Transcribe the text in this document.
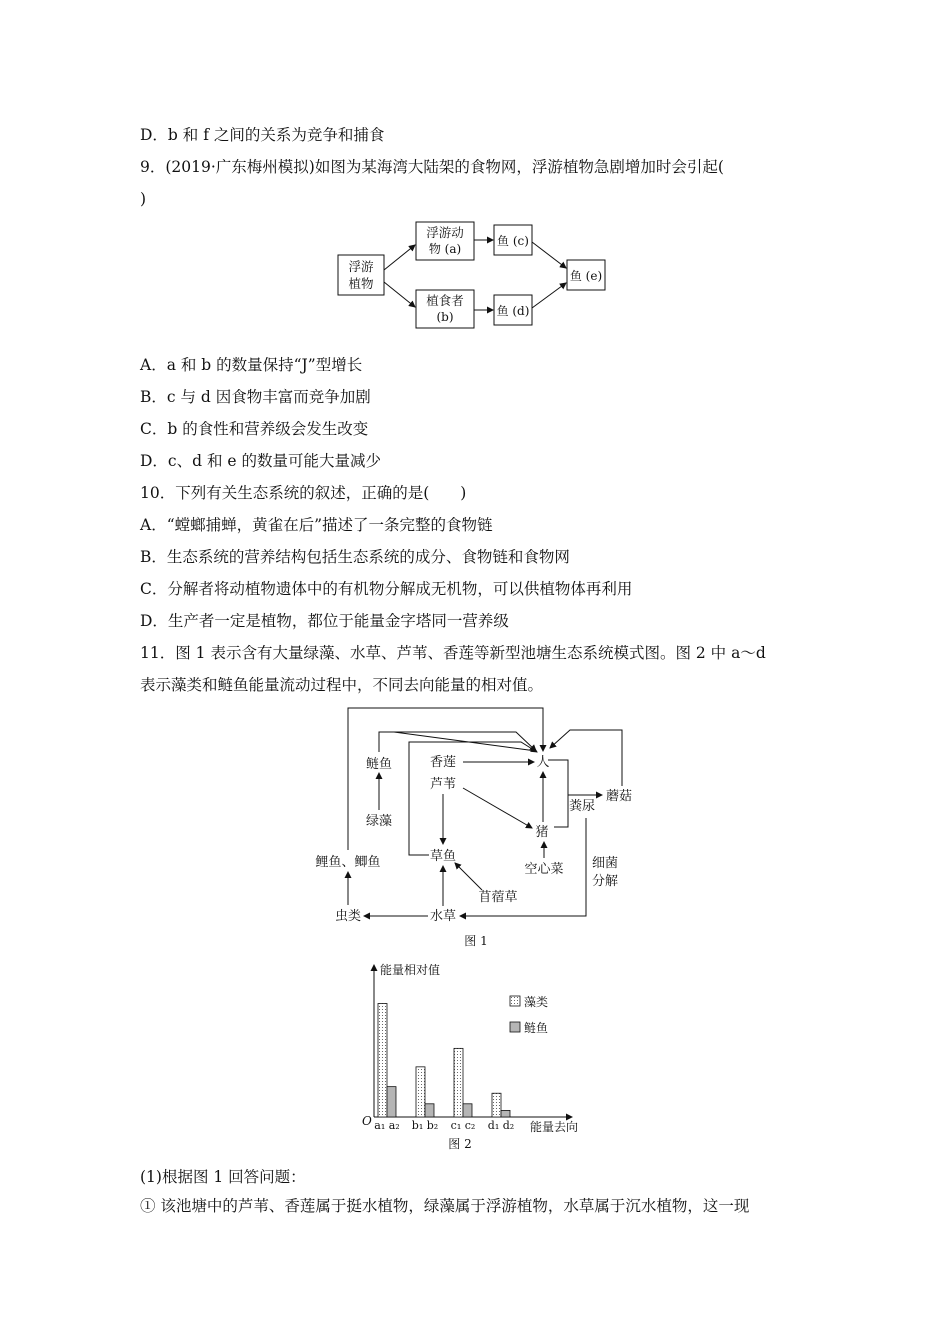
D．b 和 f 之间的关系为竞争和捕食
9．(2019·广东梅州模拟)如图为某海湾大陆架的食物网，浮游植物急剧增加时会引起(
)
浮游
植物
浮游动
物 (a)
植食者
(b)
鱼 (c)
鱼 (d)
鱼 (e)
A．a 和 b 的数量保持“J”型增长
B．c 与 d 因食物丰富而竞争加剧
C．b 的食性和营养级会发生改变
D．c、d 和 e 的数量可能大量减少
10．下列有关生态系统的叙述，正确的是(　　)
A．“螳螂捕蝉，黄雀在后”描述了一条完整的食物链
B．生态系统的营养结构包括生态系统的成分、食物链和食物网
C．分解者将动植物遗体中的有机物分解成无机物，可以供植物体再利用
D．生产者一定是植物，都位于能量金字塔同一营养级
11．图 1 表示含有大量绿藻、水草、芦苇、香莲等新型池塘生态系统模式图。图 2 中 a～d
表示藻类和鲢鱼能量流动过程中，不同去向能量的相对值。
人
香莲
芦苇
鲢鱼
绿藻
鲤鱼、鲫鱼	草鱼
猪
空心菜
苜蓿草
水草
虫类
粪尿
蘑菇
细菌
分解
图 1
能量相对值
能量去向
O
图 2
a₁ a₂ b₁ b₂ c₁ c₂ d₁ d₂
藻类
鲢鱼
(1)根据图 1 回答问题：
① 该池塘中的芦苇、香莲属于挺水植物，绿藻属于浮游植物，水草属于沉水植物，这一现
